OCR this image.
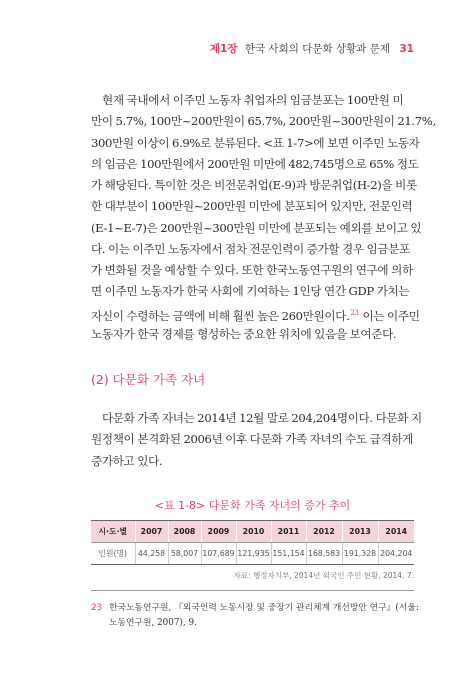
제1장 한국 사회의 다문화 상황과 문제 31
현재 국내에서 이주민 노동자 취업자의 임금분포는 100만원 미
만이 5.7%, 100만~200만원이 65.7%, 200만원~300만원이 21.7%,
300만원 이상이 6.9%로 분류된다. <표 1-7>에 보면 이주민 노동자
의 임금은 100만원에서 200만원 미만에 482,745명으로 65% 정도
가 해당된다. 특이한 것은 비전문취업(E-9)과 방문취업(H-2)을 비롯
한 대부분이 100만원~200만원 미만에 분포되어 있지만, 전문인력
(E-1~E-7)은 200만원~300만원 미만에 분포되는 예외를 보이고 있
다. 이는 이주민 노동자에서 점차 전문인력이 증가할 경우 임금분포
가 변화될 것을 예상할 수 있다. 또한 한국노동연구원의 연구에 의하
면 이주민 노동자가 한국 사회에 기여하는 1인당 연간 GDP 가치는
자신이 수령하는 금액에 비해 훨씬 높은 260만원이다.$^{23}$ 이는 이주민
노동자가 한국 경제를 형성하는 중요한 위치에 있음을 보여준다.
(2) 다문화 가족 자녀
다문화 가족 자녀는 2014년 12월 말로 204,204명이다. 다문화 지
원정책이 본격화된 2006년 이후 다문화 가족 자녀의 수도 급격하게
증가하고 있다.
<표 1-8> 다문화 가족 자녀의 증가 추이
시·도·별	2007	2008	2009	2010	2011	2012	2013	2014
인원(명)	44,258	58,007	107,689	121,935	151,154	168,583	191,328	204,204
자료: 행정자치부, 2014년 외국인 주민 현황, 2014. 7.
23 한국노동연구원, 『외국인력 노동시장 및 중장기 관리체계 개선방안 연구』(서울:
노동연구원, 2007), 9.
